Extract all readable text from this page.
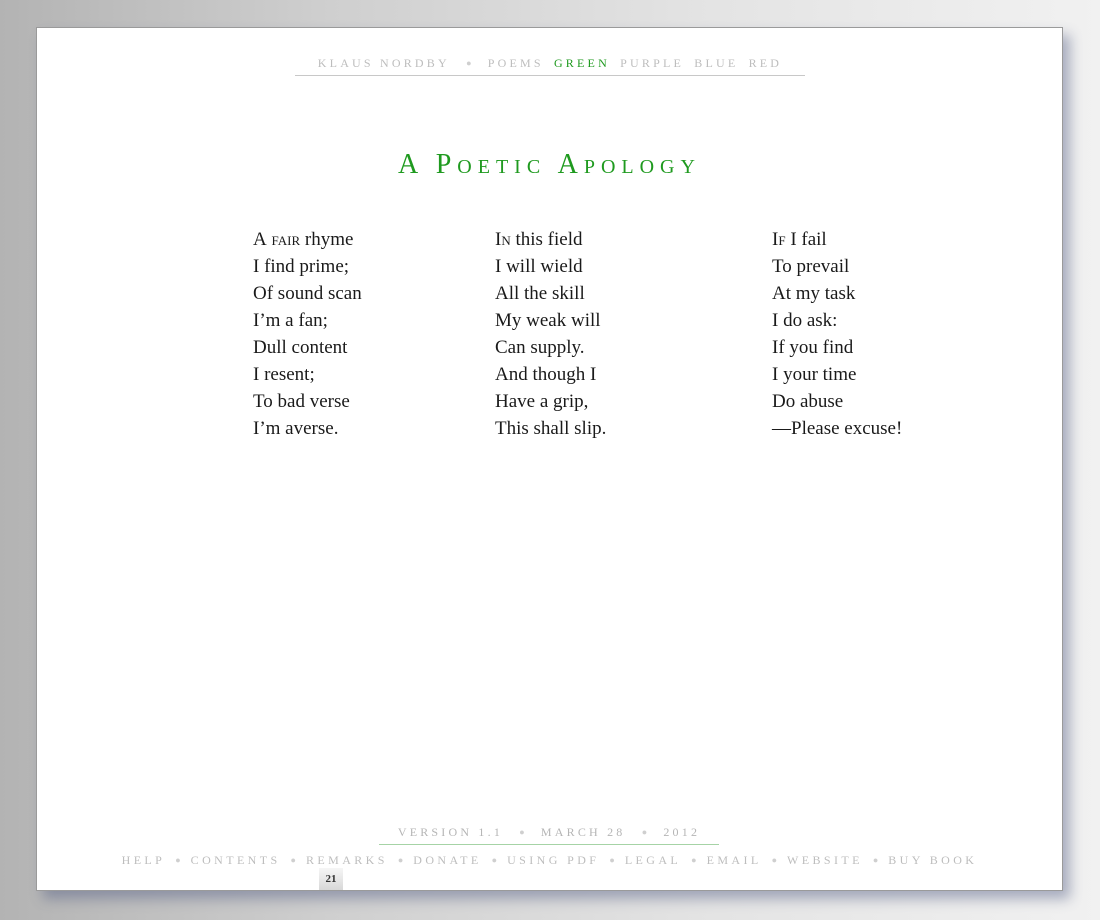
KLAUS NORDBY ● POEMS GREEN PURPLE BLUE RED
A Poetic Apology
A fair rhyme
I find prime;
Of sound scan
I’m a fan;
Dull content
I resent;
To bad verse
I’m averse.
In this field
I will wield
All the skill
My weak will
Can supply.
And though I
Have a grip,
This shall slip.
If I fail
To prevail
At my task
I do ask:
If you find
I your time
Do abuse
—Please excuse!
VERSION 1.1 ● MARCH 28 ● 2012
HELP ● CONTENTS ● REMARKS ● DONATE ● USING PDF ● LEGAL ● EMAIL ● WEBSITE ● BUY BOOK
21
